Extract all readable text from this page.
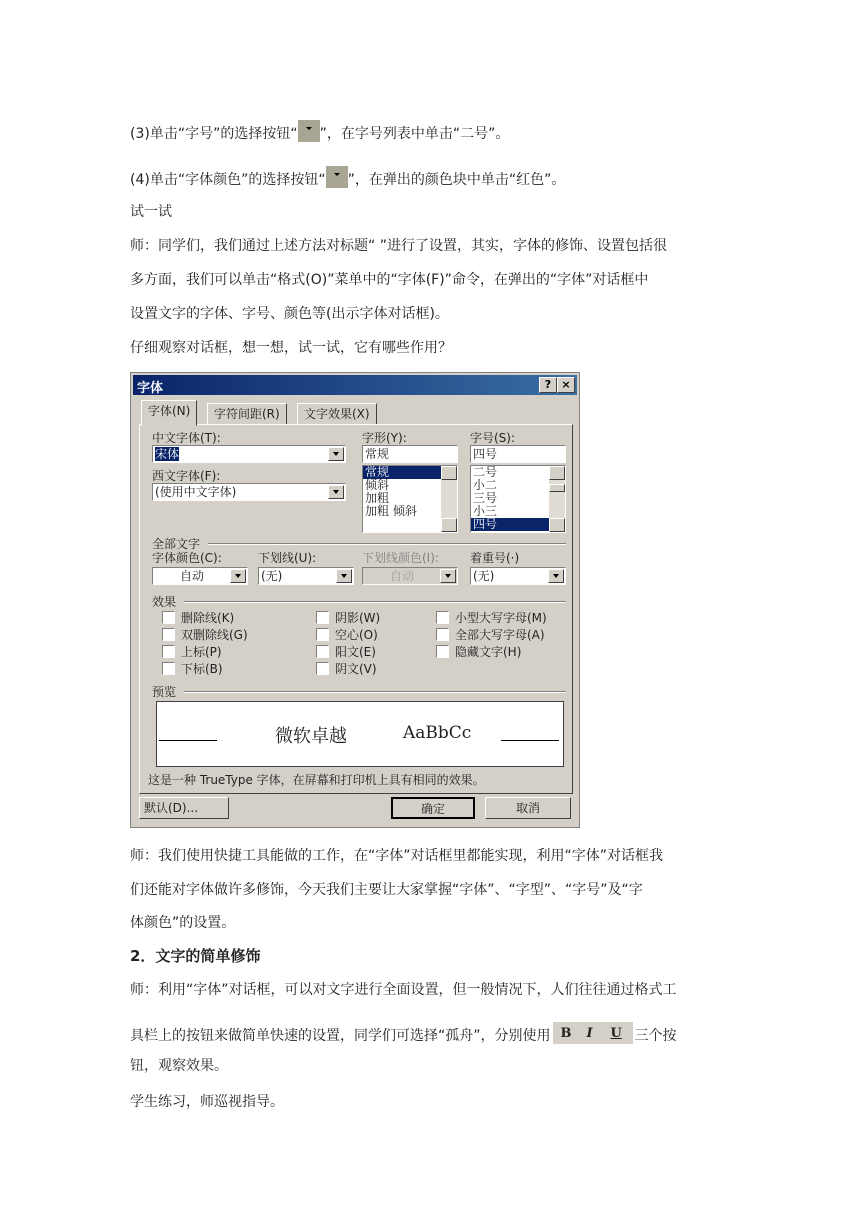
(3)单击“字号”的选择按钮“ ”，在字号列表中单击“二号”。
(4)单击“字体颜色”的选择按钮“ ”，在弹出的颜色块中单击“红色”。
试一试
师：同学们，我们通过上述方法对标题“ ”进行了设置，其实，字体的修饰、设置包括很
多方面，我们可以单击“格式(O)”菜单中的“字体(F)”命令，在弹出的“字体”对话框中
设置文字的字体、字号、颜色等(出示字体对话框)。
仔细观察对话框，想一想，试一试，它有哪些作用？
字体	? ×
字体(N)	字符间距(R)	文字效果(X)
中文字体(T):
宋体
字形(Y):
常规
常规
倾斜
加粗
加粗 倾斜
字号(S):
四号
二号
小二
三号
小三
四号
西文字体(F):
(使用中文字体)
全部文字
字体颜色(C):
自动
下划线(U):
(无)
下划线颜色(I):
自动
着重号(·)
(无)
效果
删除线(K)
双删除线(G)
上标(P)
下标(B)
阴影(W)
空心(O)
阳文(E)
阴文(V)
小型大写字母(M)
全部大写字母(A)
隐藏文字(H)
预览
微软卓越	AaBbCc
这是一种 TrueType 字体，在屏幕和打印机上具有相同的效果。
默认(D)...	确定	取消
师：我们使用快捷工具能做的工作，在“字体”对话框里都能实现，利用“字体”对话框我
们还能对字体做许多修饰，今天我们主要让大家掌握“字体”、“字型”、“字号”及“字
体颜色”的设置。
2．文字的简单修饰
师：利用“字体”对话框，可以对文字进行全面设置，但一般情况下，人们往往通过格式工
具栏上的按钮来做简单快速的设置，同学们可选择“孤舟”，分别使用 B I U 三个按
钮，观察效果。
学生练习，师巡视指导。
